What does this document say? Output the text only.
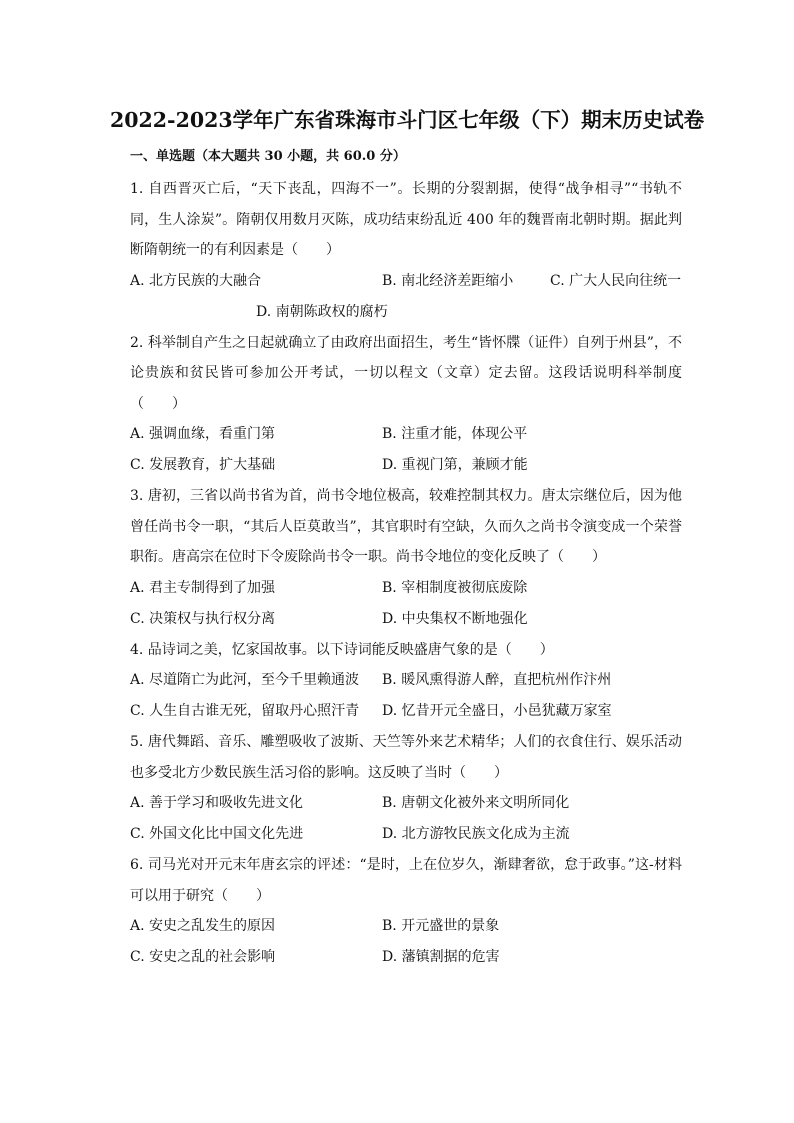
2022-2023学年广东省珠海市斗门区七年级（下）期末历史试卷
一、单选题（本大题共 30 小题，共 60.0 分）
1. 自西晋灭亡后，“天下丧乱，四海不一”。长期的分裂割据，使得“战争相寻”“书轨不同，生人涂炭”。隋朝仅用数月灭陈，成功结束纷乱近 400 年的魏晋南北朝时期。据此判断隋朝统一的有利因素是（　　）
A. 北方民族的大融合	B. 南北经济差距缩小	C. 广大人民向往统一
D. 南朝陈政权的腐朽
2. 科举制自产生之日起就确立了由政府出面招生，考生“皆怀牒（证件）自列于州县”，不论贵族和贫民皆可参加公开考试，一切以程文（文章）定去留。这段话说明科举制度（　　）
A. 强调血缘，看重门第	B. 注重才能，体现公平
C. 发展教育，扩大基础	D. 重视门第，兼顾才能
3. 唐初，三省以尚书省为首，尚书令地位极高，较难控制其权力。唐太宗继位后，因为他曾任尚书令一职，“其后人臣莫敢当”，其官职时有空缺，久而久之尚书令演变成一个荣誉职衔。唐高宗在位时下令废除尚书令一职。尚书令地位的变化反映了（　　）
A. 君主专制得到了加强	B. 宰相制度被彻底废除
C. 决策权与执行权分离	D. 中央集权不断地强化
4. 品诗词之美，忆家国故事。以下诗词能反映盛唐气象的是（　　）
A. 尽道隋亡为此河，至今千里赖通波	B. 暖风熏得游人醉，直把杭州作汴州
C. 人生自古谁无死，留取丹心照汗青	D. 忆昔开元全盛日，小邑犹藏万家室
5. 唐代舞蹈、音乐、雕塑吸收了波斯、天竺等外来艺术精华；人们的衣食住行、娱乐活动也多受北方少数民族生活习俗的影响。这反映了当时（　　）
A. 善于学习和吸收先进文化	B. 唐朝文化被外来文明所同化
C. 外国文化比中国文化先进	D. 北方游牧民族文化成为主流
6. 司马光对开元末年唐玄宗的评述：“是时，上在位岁久，渐肆奢欲，怠于政事。”这-材料可以用于研究（　　）
A. 安史之乱发生的原因	B. 开元盛世的景象
C. 安史之乱的社会影响	D. 藩镇割据的危害
